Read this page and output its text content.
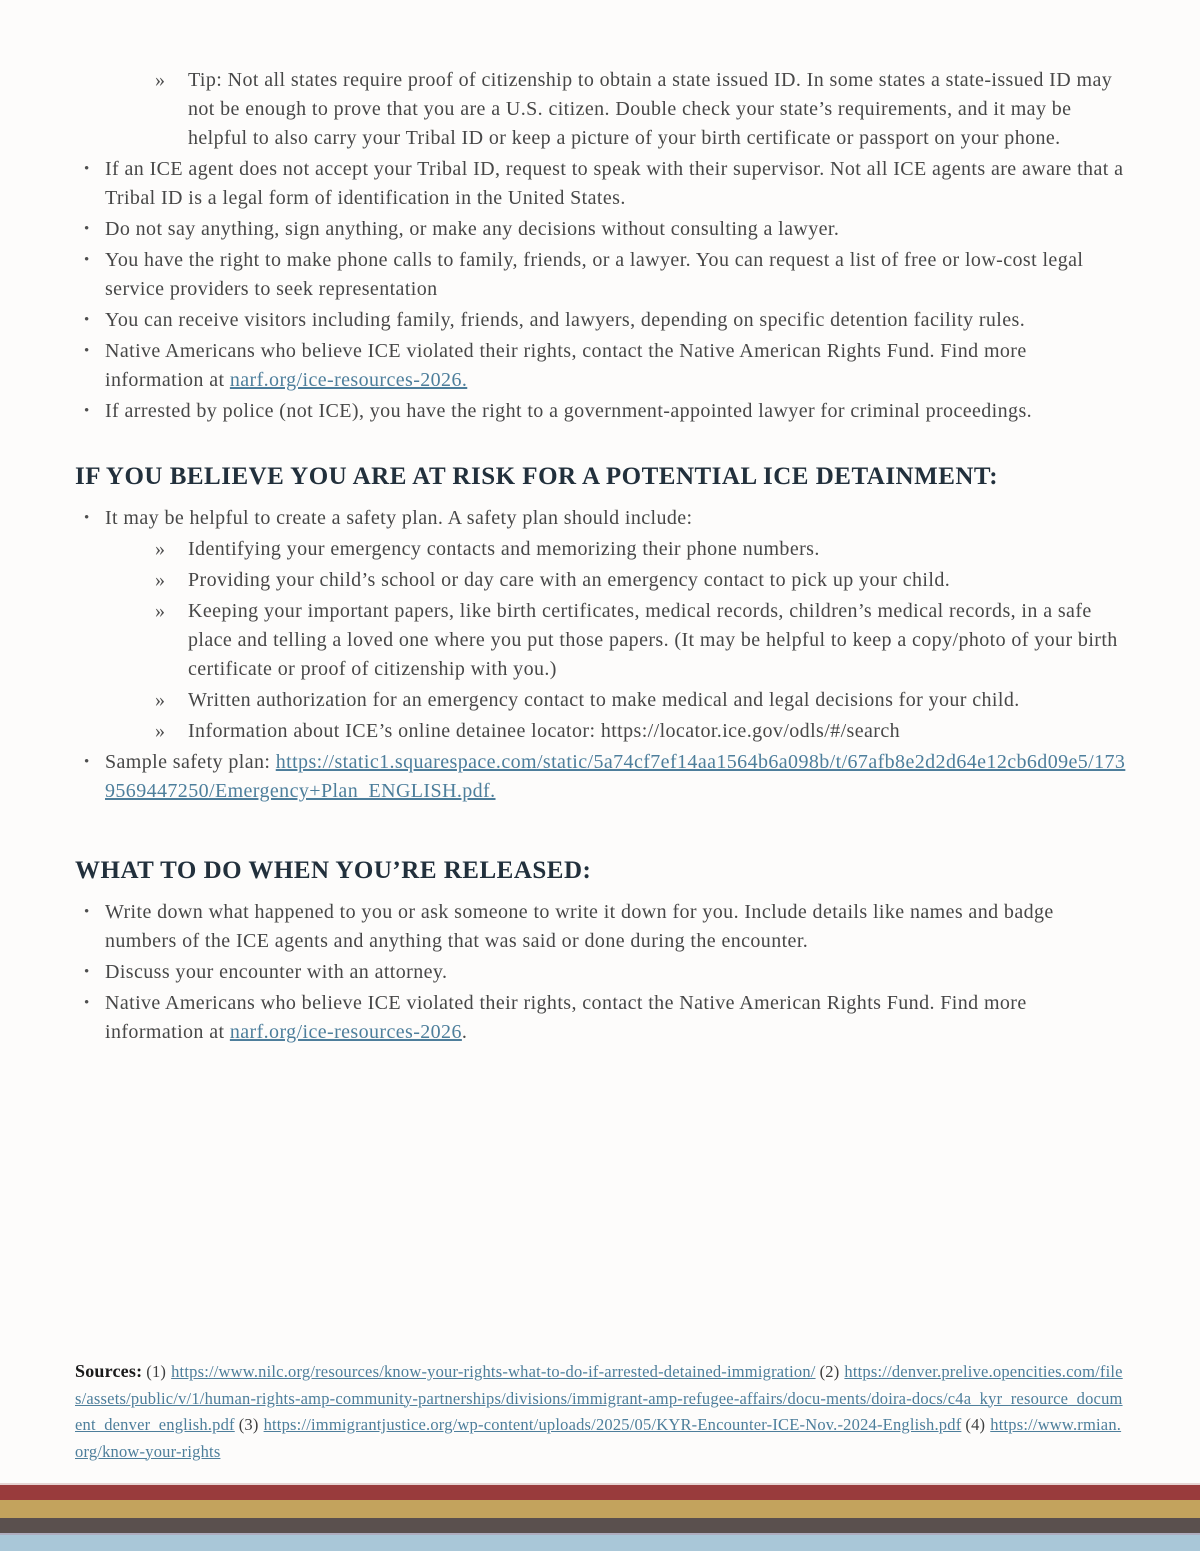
»	Tip: Not all states require proof of citizenship to obtain a state issued ID. In some states a state-issued ID may not be enough to prove that you are a U.S. citizen. Double check your state’s requirements, and it may be helpful to also carry your Tribal ID or keep a picture of your birth certificate or passport on your phone.
• If an ICE agent does not accept your Tribal ID, request to speak with their supervisor. Not all ICE agents are aware that a Tribal ID is a legal form of identification in the United States.
• Do not say anything, sign anything, or make any decisions without consulting a lawyer.
• You have the right to make phone calls to family, friends, or a lawyer. You can request a list of free or low-cost legal service providers to seek representation
• You can receive visitors including family, friends, and lawyers, depending on specific detention facility rules.
• Native Americans who believe ICE violated their rights, contact the Native American Rights Fund. Find more information at narf.org/ice-resources-2026.
• If arrested by police (not ICE), you have the right to a government-appointed lawyer for criminal proceedings.
IF YOU BELIEVE YOU ARE AT RISK FOR A POTENTIAL ICE DETAINMENT:
• It may be helpful to create a safety plan. A safety plan should include:
»	Identifying your emergency contacts and memorizing their phone numbers.
»	Providing your child’s school or day care with an emergency contact to pick up your child.
»	Keeping your important papers, like birth certificates, medical records, children’s medical records, in a safe place and telling a loved one where you put those papers. (It may be helpful to keep a copy/photo of your birth certificate or proof of citizenship with you.)
»	Written authorization for an emergency contact to make medical and legal decisions for your child.
»	Information about ICE’s online detainee locator: https://locator.ice.gov/odls/#/search
• Sample safety plan: https://static1.squarespace.com/static/5a74cf7ef14aa1564b6a098b/t/67afb8e2d2d64e12cb6d09e5/1739569447250/Emergency+Plan_ENGLISH.pdf.
WHAT TO DO WHEN YOU’RE RELEASED:
• Write down what happened to you or ask someone to write it down for you. Include details like names and badge numbers of the ICE agents and anything that was said or done during the encounter.
• Discuss your encounter with an attorney.
• Native Americans who believe ICE violated their rights, contact the Native American Rights Fund. Find more information at narf.org/ice-resources-2026.
Sources: (1) https://www.nilc.org/resources/know-your-rights-what-to-do-if-arrested-detained-immigration/ (2) https://denver.prelive.opencities.com/files/assets/public/v/1/human-rights-amp-community-partnerships/divisions/immigrant-amp-refugee-affairs/docu-ments/doira-docs/c4a_kyr_resource_document_denver_english.pdf (3) https://immigrantjustice.org/wp-content/uploads/2025/05/KYR-Encounter-ICE-Nov.-2024-English.pdf (4) https://www.rmian.org/know-your-rights
